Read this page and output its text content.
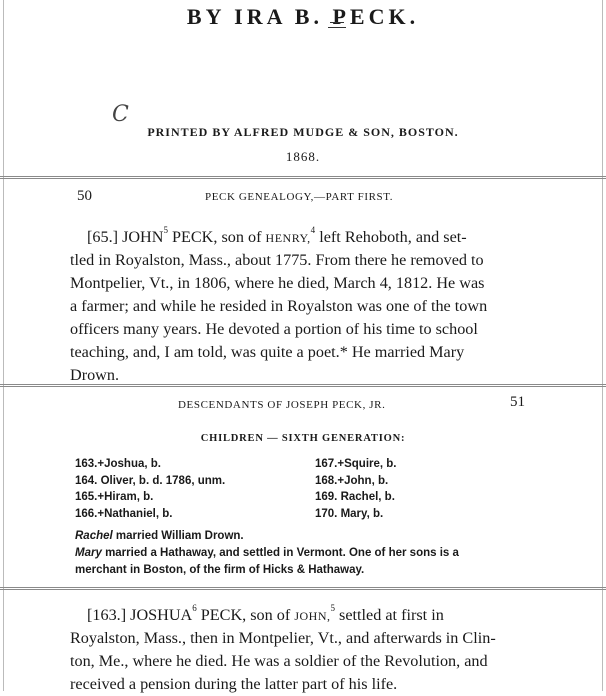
BY IRA B. PECK.
C
PRINTED BY ALFRED MUDGE & SON, BOSTON.
1868.
50	PECK GENEALOGY,—PART FIRST.
[65.] JOHN$^5$ PECK, son of HENRY,$^4$ left Rehoboth, and set-
tled in Royalston, Mass., about 1775. From there he removed to
Montpelier, Vt., in 1806, where he died, March 4, 1812. He was
a farmer; and while he resided in Royalston was one of the town
officers many years. He devoted a portion of his time to school
teaching, and, I am told, was quite a poet.* He married Mary
Drown.
DESCENDANTS OF JOSEPH PECK, JR.	51
CHILDREN — SIXTH GENERATION:
163.+Joshua, b.
164. Oliver, b. d. 1786, unm.
165.+Hiram, b.
166.+Nathaniel, b.
167.+Squire, b.
168.+John, b.
169. Rachel, b.
170. Mary, b.
Rachel married William Drown.
Mary married a Hathaway, and settled in Vermont. One of her sons is a
merchant in Boston, of the firm of Hicks & Hathaway.
[163.] JOSHUA$^6$ PECK, son of JOHN,$^5$ settled at first in
Royalston, Mass., then in Montpelier, Vt., and afterwards in Clin-
ton, Me., where he died. He was a soldier of the Revolution, and
received a pension during the latter part of his life.
